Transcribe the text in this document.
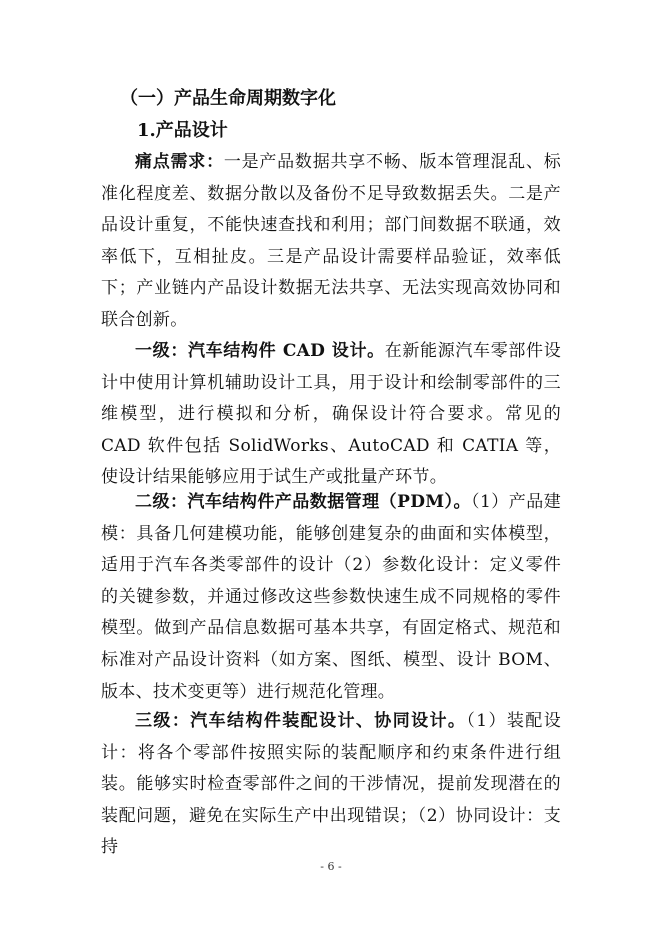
（一）产品生命周期数字化
1.产品设计

痛点需求：一是产品数据共享不畅、版本管理混乱、标准化程度差、数据分散以及备份不足导致数据丢失。二是产品设计重复，不能快速查找和利用；部门间数据不联通，效率低下，互相扯皮。三是产品设计需要样品验证，效率低下；产业链内产品设计数据无法共享、无法实现高效协同和联合创新。

一级：汽车结构件 CAD 设计。在新能源汽车零部件设计中使用计算机辅助设计工具，用于设计和绘制零部件的三维模型，进行模拟和分析，确保设计符合要求。常见的 CAD 软件包括 SolidWorks、AutoCAD 和 CATIA 等，使设计结果能够应用于试生产或批量产环节。

二级：汽车结构件产品数据管理（PDM）。（1）产品建模：具备几何建模功能，能够创建复杂的曲面和实体模型，适用于汽车各类零部件的设计（2）参数化设计：定义零件的关键参数，并通过修改这些参数快速生成不同规格的零件模型。做到产品信息数据可基本共享，有固定格式、规范和标准对产品设计资料（如方案、图纸、模型、设计 BOM、版本、技术变更等）进行规范化管理。

三级：汽车结构件装配设计、协同设计。（1）装配设计：将各个零部件按照实际的装配顺序和约束条件进行组装。能够实时检查零部件之间的干涉情况，提前发现潜在的装配问题，避免在实际生产中出现错误；（2）协同设计：支持

- 6 -
